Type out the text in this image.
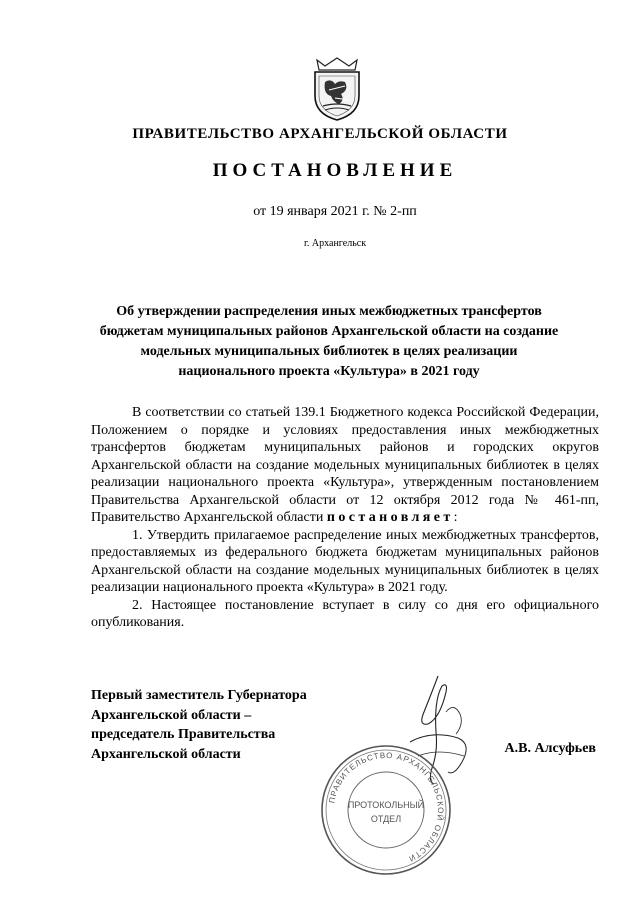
ПРАВИТЕЛЬСТВО АРХАНГЕЛЬСКОЙ ОБЛАСТИ
ПОСТАНОВЛЕНИЕ
от 19 января 2021 г. № 2-пп
г. Архангельск
Об утверждении распределения иных межбюджетных трансфертов бюджетам муниципальных районов Архангельской области на создание модельных муниципальных библиотек в целях реализации национального проекта «Культура» в 2021 году

В соответствии со статьей 139.1 Бюджетного кодекса Российской Федерации, Положением о порядке и условиях предоставления иных межбюджетных трансфертов бюджетам муниципальных районов и городских округов Архангельской области на создание модельных муниципальных библиотек в целях реализации национального проекта «Культура», утвержденным постановлением Правительства Архангельской области от 12 октября 2012 года № 461-пп, Правительство Архангельской области постановляет:

1. Утвердить прилагаемое распределение иных межбюджетных трансфертов, предоставляемых из федерального бюджета бюджетам муниципальных районов Архангельской области на создание модельных муниципальных библиотек в целях реализации национального проекта «Культура» в 2021 году.

2. Настоящее постановление вступает в силу со дня его официального опубликования.

Первый заместитель Губернатора
Архангельской области –
председатель Правительства
Архангельской области	А.В. Алсуфьев
ПРАВИТЕЛЬСТВО АРХАНГЕЛЬСКОЙ ОБЛАСТИ
ПРОТОКОЛЬНЫЙ
ОТДЕЛ
